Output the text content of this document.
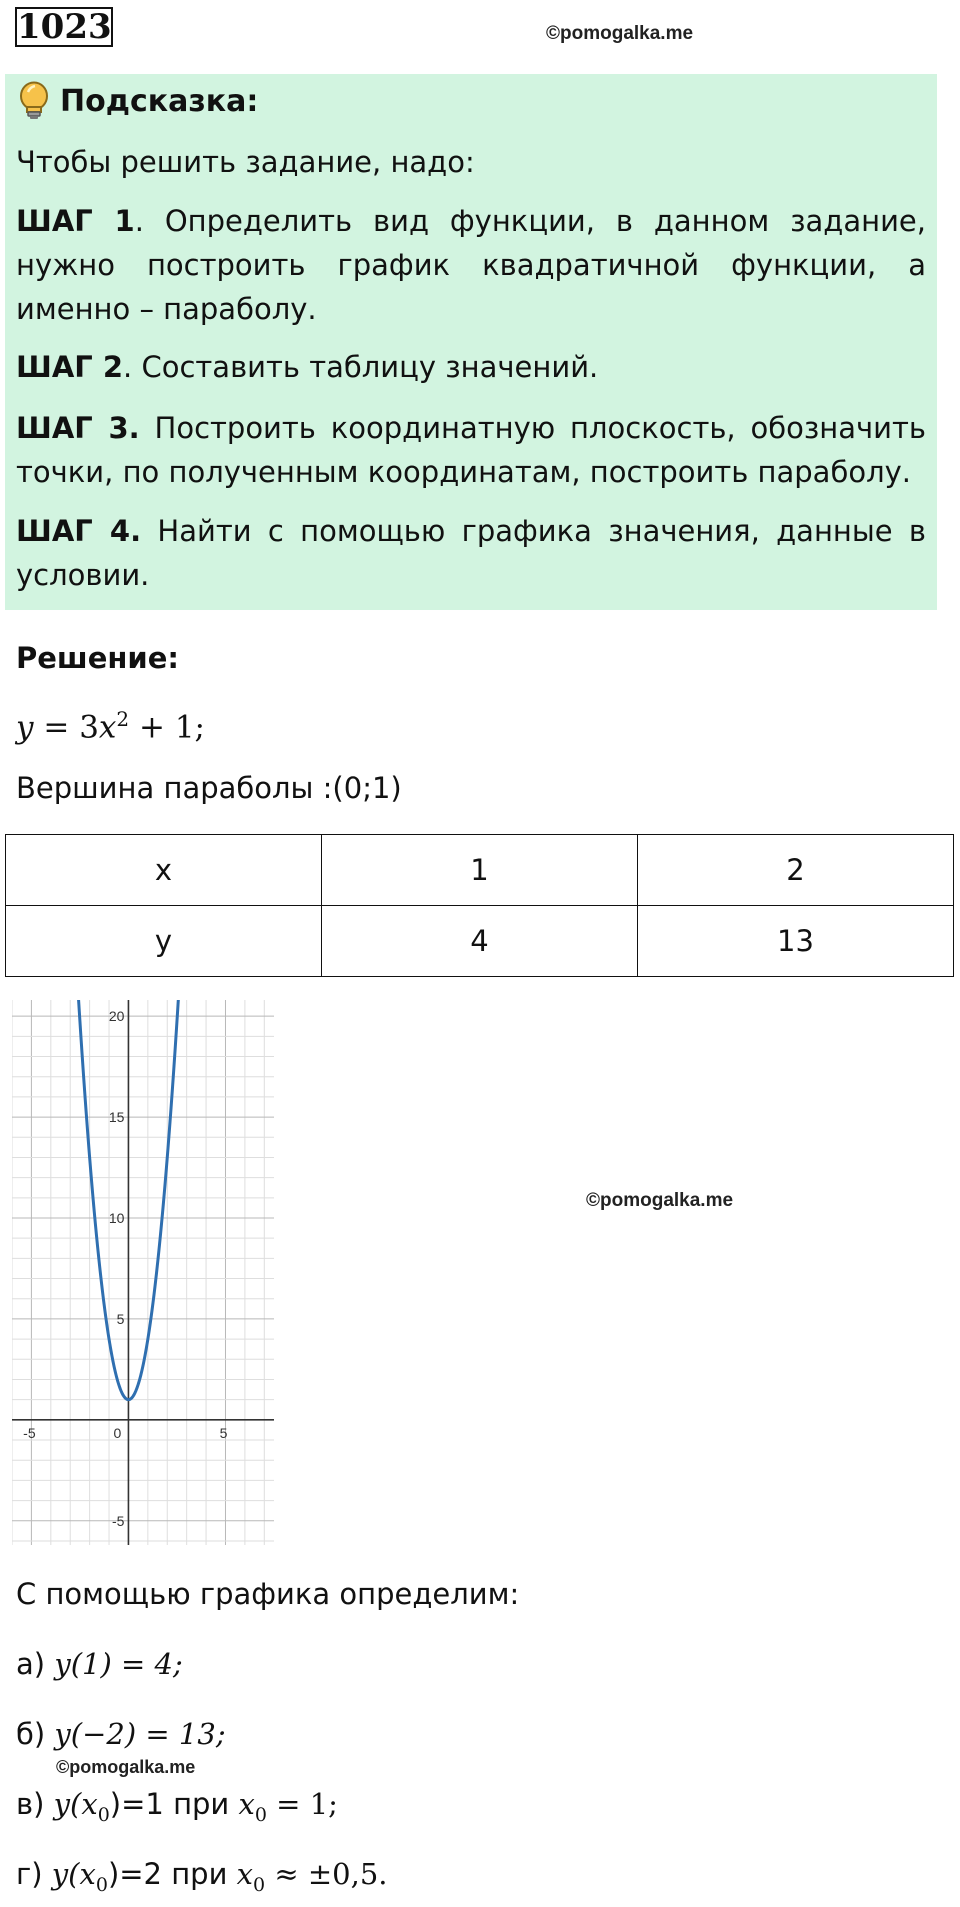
1023	©pomogalka.me
Подсказка:
Чтобы решить задание, надо:
ШАГ 1. Определить вид функции, в данном задание, нужно построить график квадратичной функции, а именно – параболу.
ШАГ 2. Составить таблицу значений.
ШАГ 3. Построить координатную плоскость, обозначить точки, по полученным координатам, построить параболу.
ШАГ 4. Найти с помощью графика значения, данные в условии.
Решение:
$y = 3x^2 + 1$;
Вершина параболы :(0;1)
x	1	2
y	4	13
-5	0	5
-5
5
10
15
20
©pomogalka.me
С помощью графика определим:
а) y(1) = 4;
б) y(−2) = 13;
©pomogalka.me
в) $y(x_0)=1$ при $x_0 = 1$;
г) $y(x_0)=2$ при $x_0 \approx \pm 0,5$.
